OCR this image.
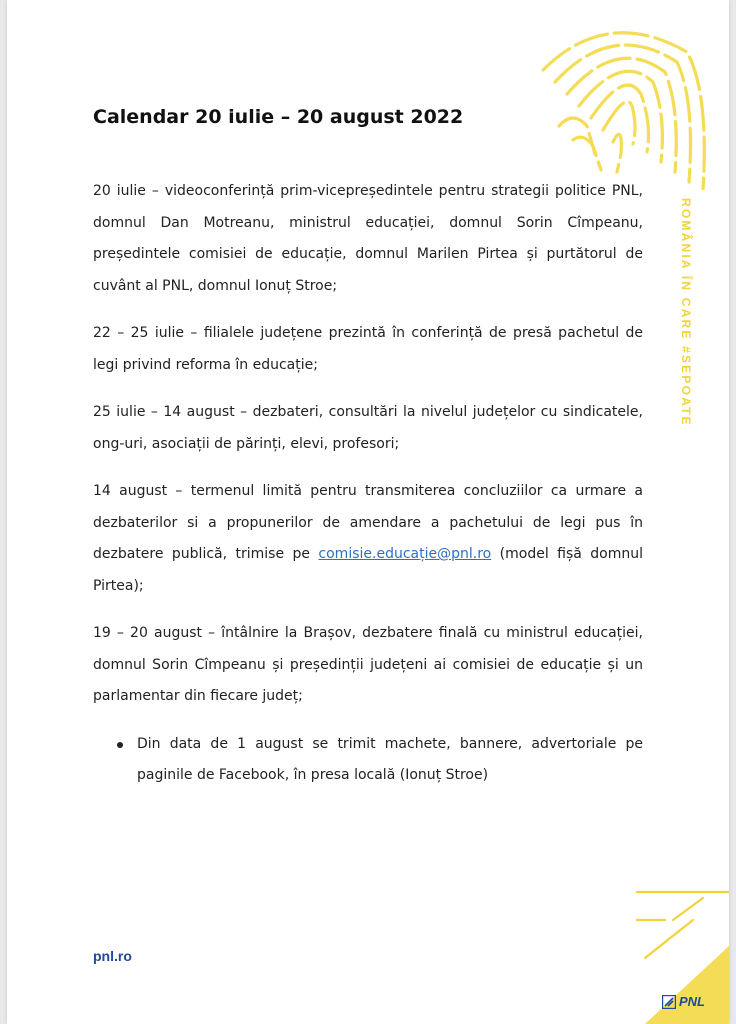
ROMÂNIA ÎN CARE #SEPOATE
Calendar 20 iulie – 20 august 2022

20 iulie – videoconferință prim-vicepreședintele pentru strategii politice PNL, domnul Dan Motreanu, ministrul educației, domnul Sorin Cîmpeanu, președintele comisiei de educație, domnul Marilen Pirtea și purtătorul de cuvânt al PNL, domnul Ionuț Stroe;

22 – 25 iulie – filialele județene prezintă în conferință de presă pachetul de legi privind reforma în educație;

25 iulie – 14 august – dezbateri, consultări la nivelul județelor cu sindicatele, ong-uri, asociații de părinți, elevi, profesori;

14 august – termenul limită pentru transmiterea concluziilor ca urmare a dezbaterilor si a propunerilor de amendare a pachetului de legi pus în dezbatere publică, trimise pe comisie.educație@pnl.ro (model fișă domnul Pirtea);

19 – 20 august – întâlnire la Brașov, dezbatere finală cu ministrul educației, domnul Sorin Cîmpeanu și președinții județeni ai comisiei de educație și un parlamentar din fiecare județ;

Din data de 1 august se trimit machete, bannere, advertoriale pe paginile de Facebook, în presa locală (Ionuț Stroe)
pnl.ro
PNL
